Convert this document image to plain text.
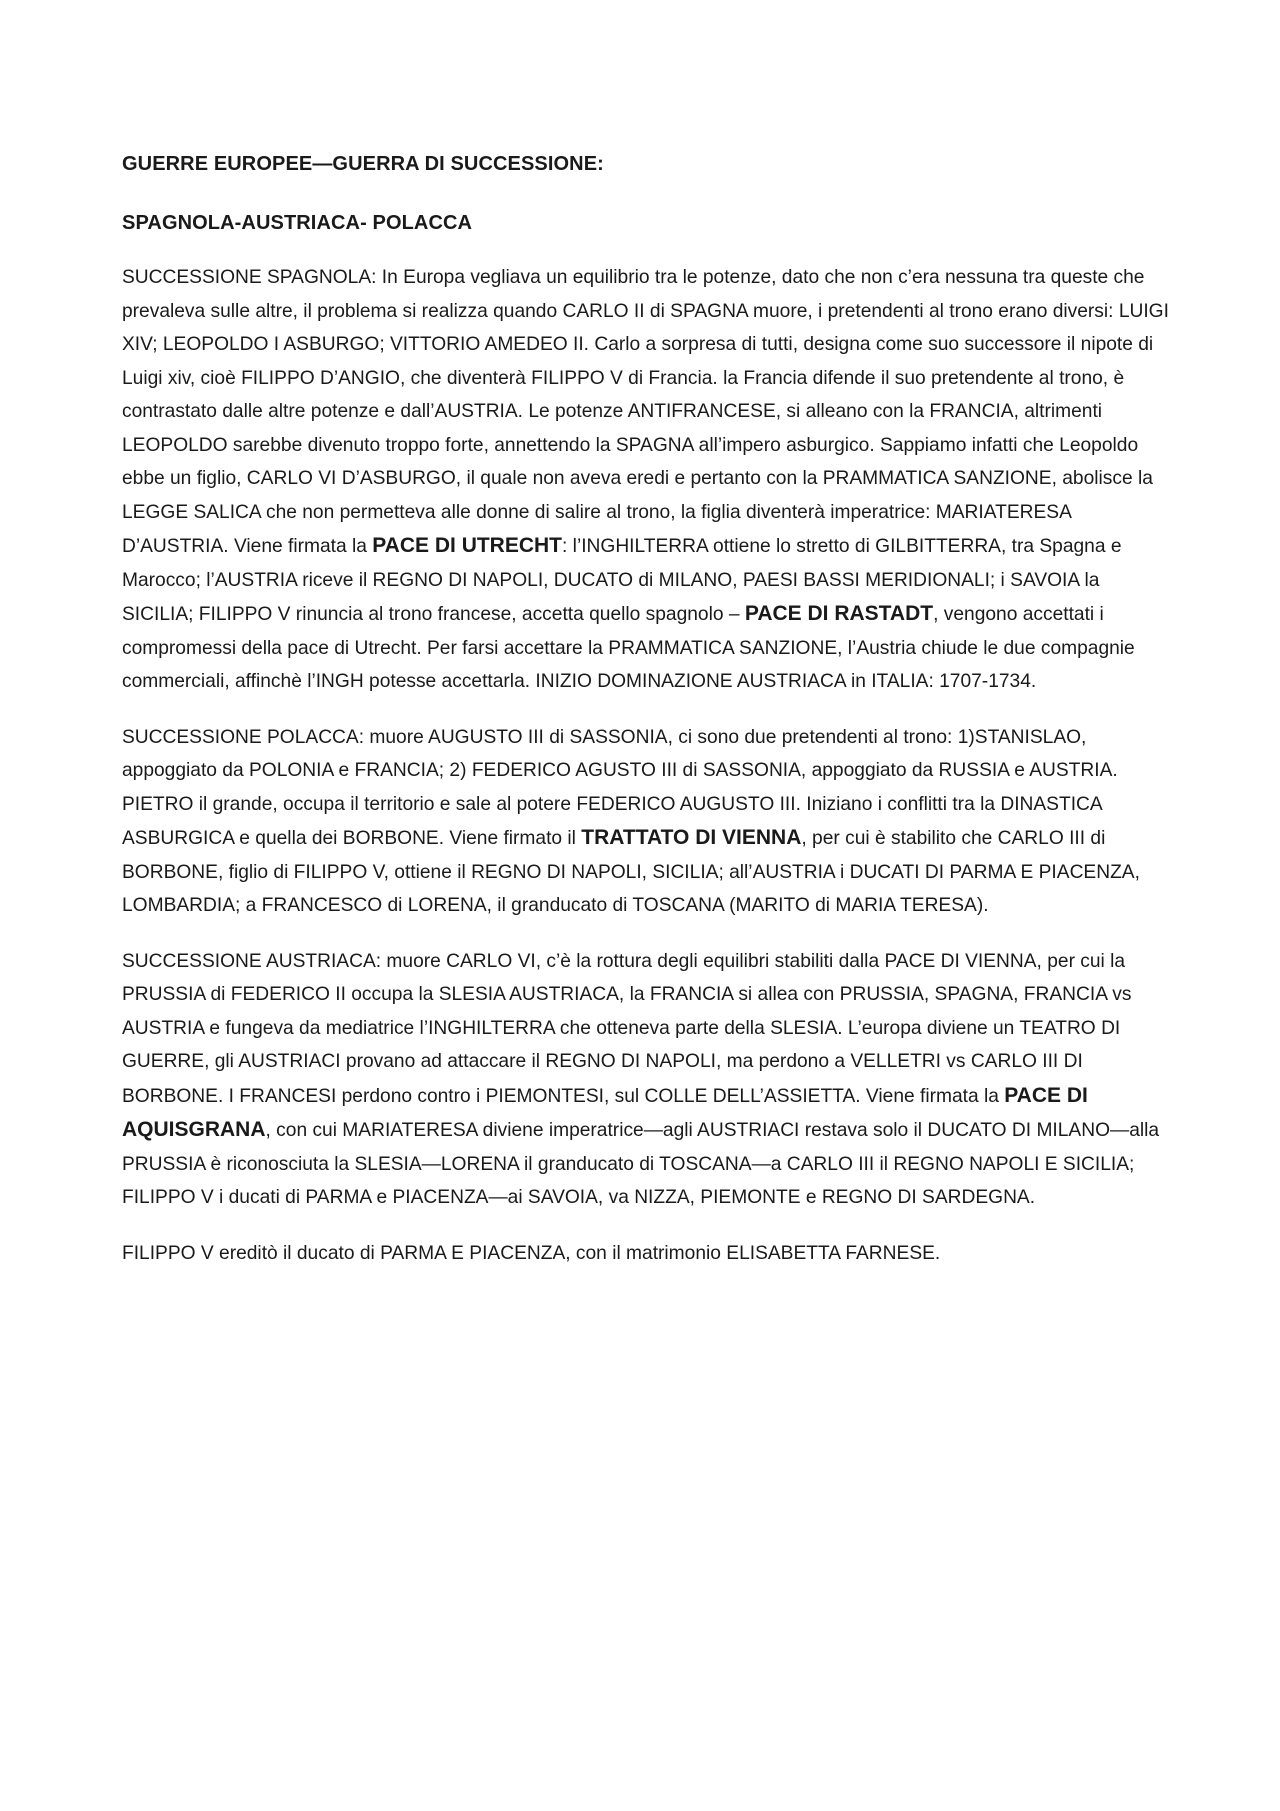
GUERRE EUROPEE—GUERRA DI SUCCESSIONE:
SPAGNOLA-AUSTRIACA- POLACCA

SUCCESSIONE SPAGNOLA: In Europa vegliava un equilibrio tra le potenze, dato che non c’era nessuna tra queste che prevaleva sulle altre, il problema si realizza quando CARLO II di SPAGNA muore, i pretendenti al trono erano diversi: LUIGI XIV; LEOPOLDO I ASBURGO; VITTORIO AMEDEO II. Carlo a sorpresa di tutti, designa come suo successore il nipote di Luigi xiv, cioè FILIPPO D’ANGIO, che diventerà FILIPPO V di Francia. la Francia difende il suo pretendente al trono, è contrastato dalle altre potenze e dall’AUSTRIA. Le potenze ANTIFRANCESE, si alleano con la FRANCIA, altrimenti LEOPOLDO sarebbe divenuto troppo forte, annettendo la SPAGNA all’impero asburgico. Sappiamo infatti che Leopoldo ebbe un figlio, CARLO VI D’ASBURGO, il quale non aveva eredi e pertanto con la PRAMMATICA SANZIONE, abolisce la LEGGE SALICA che non permetteva alle donne di salire al trono, la figlia diventerà imperatrice: MARIATERESA D’AUSTRIA. Viene firmata la PACE DI UTRECHT: l’INGHILTERRA ottiene lo stretto di GILBITTERRA, tra Spagna e Marocco; l’AUSTRIA riceve il REGNO DI NAPOLI, DUCATO di MILANO, PAESI BASSI MERIDIONALI; i SAVOIA la SICILIA; FILIPPO V rinuncia al trono francese, accetta quello spagnolo – PACE DI RASTADT, vengono accettati i compromessi della pace di Utrecht. Per farsi accettare la PRAMMATICA SANZIONE, l’Austria chiude le due compagnie commerciali, affinchè l’INGH potesse accettarla. INIZIO DOMINAZIONE AUSTRIACA in ITALIA: 1707-1734.

SUCCESSIONE POLACCA: muore AUGUSTO III di SASSONIA, ci sono due pretendenti al trono: 1)STANISLAO, appoggiato da POLONIA e FRANCIA; 2) FEDERICO AGUSTO III di SASSONIA, appoggiato da RUSSIA e AUSTRIA. PIETRO il grande, occupa il territorio e sale al potere FEDERICO AUGUSTO III. Iniziano i conflitti tra la DINASTICA ASBURGICA e quella dei BORBONE. Viene firmato il TRATTATO DI VIENNA, per cui è stabilito che CARLO III di BORBONE, figlio di FILIPPO V, ottiene il REGNO DI NAPOLI, SICILIA; all’AUSTRIA i DUCATI DI PARMA E PIACENZA, LOMBARDIA; a FRANCESCO di LORENA, il granducato di TOSCANA (MARITO di MARIA TERESA).

SUCCESSIONE AUSTRIACA: muore CARLO VI, c’è la rottura degli equilibri stabiliti dalla PACE DI VIENNA, per cui la PRUSSIA di FEDERICO II occupa la SLESIA AUSTRIACA, la FRANCIA si allea con PRUSSIA, SPAGNA, FRANCIA vs AUSTRIA e fungeva da mediatrice l’INGHILTERRA che otteneva parte della SLESIA. L’europa diviene un TEATRO DI GUERRE, gli AUSTRIACI provano ad attaccare il REGNO DI NAPOLI, ma perdono a VELLETRI vs CARLO III DI BORBONE. I FRANCESI perdono contro i PIEMONTESI, sul COLLE DELL’ASSIETTA. Viene firmata la PACE DI AQUISGRANA, con cui MARIATERESA diviene imperatrice—agli AUSTRIACI restava solo il DUCATO DI MILANO—alla PRUSSIA è riconosciuta la SLESIA—LORENA il granducato di TOSCANA—a CARLO III il REGNO NAPOLI E SICILIA; FILIPPO V i ducati di PARMA e PIACENZA—ai SAVOIA, va NIZZA, PIEMONTE e REGNO DI SARDEGNA.

FILIPPO V ereditò il ducato di PARMA E PIACENZA, con il matrimonio ELISABETTA FARNESE.
